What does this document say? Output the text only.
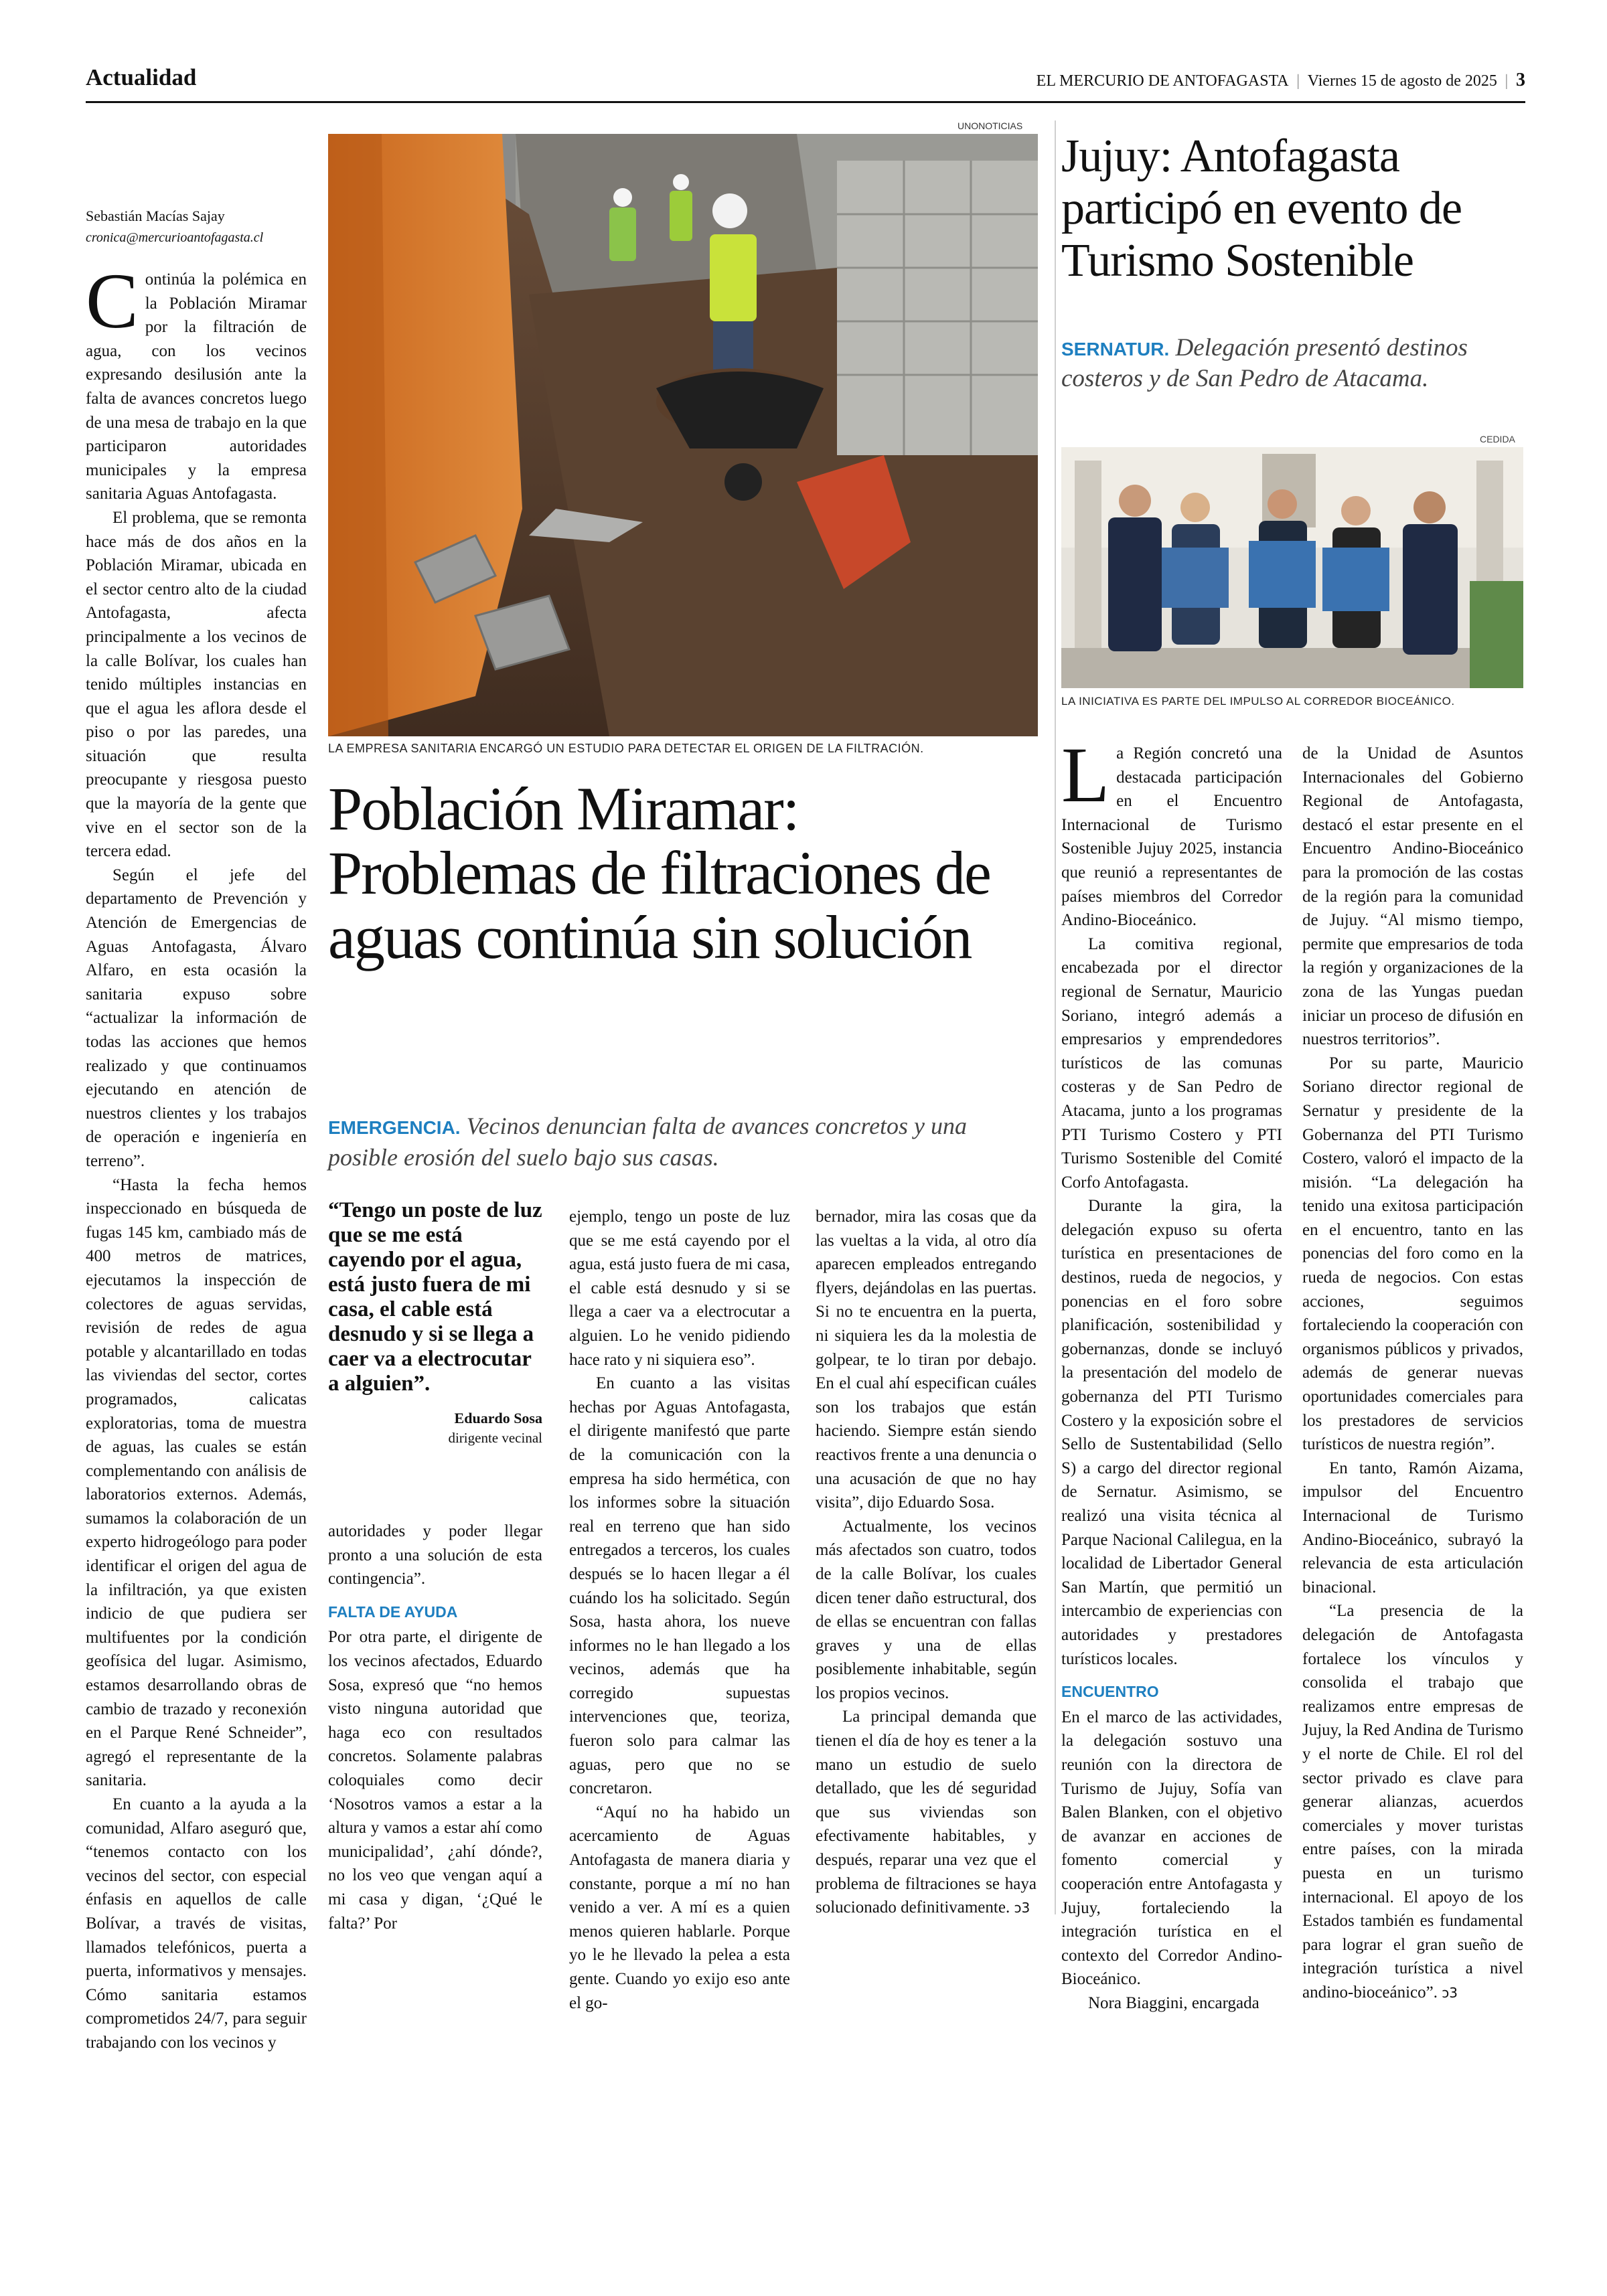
Actualidad	EL MERCURIO DE ANTOFAGASTA | Viernes 15 de agosto de 2025 | 3
Sebastián Macías Sajay
cronica@mercurioantofagasta.cl
UNONOTICIAS
LA EMPRESA SANITARIA ENCARGÓ UN ESTUDIO PARA DETECTAR EL ORIGEN DE LA FILTRACIÓN.
Población Miramar: Problemas de filtraciones de aguas continúa sin solución
EMERGENCIA. Vecinos denuncian falta de avances concretos y una posible erosión del suelo bajo sus casas.

Continúa la polémica en la Población Miramar por la filtración de agua, con los vecinos expresando desilusión ante la falta de avances concretos luego de una mesa de trabajo en la que participaron autoridades municipales y la empresa sanitaria Aguas Antofagasta.

El problema, que se remonta hace más de dos años en la Población Miramar, ubicada en el sector centro alto de la ciudad Antofagasta, afecta principalmente a los vecinos de la calle Bolívar, los cuales han tenido múltiples instancias en que el agua les aflora desde el piso o por las paredes, una situación que resulta preocupante y riesgosa puesto que la mayoría de la gente que vive en el sector son de la tercera edad.

Según el jefe del departamento de Prevención y Atención de Emergencias de Aguas Antofagasta, Álvaro Alfaro, en esta ocasión la sanitaria expuso sobre “actualizar la información de todas las acciones que hemos realizado y que continuamos ejecutando en atención de nuestros clientes y los trabajos de operación e ingeniería en terreno”.

“Hasta la fecha hemos inspeccionado en búsqueda de fugas 145 km, cambiado más de 400 metros de matrices, ejecutamos la inspección de colectores de aguas servidas, revisión de redes de agua potable y alcantarillado en todas las viviendas del sector, cortes programados, calicatas exploratorias, toma de muestra de aguas, las cuales se están complementando con análisis de laboratorios externos. Además, sumamos la colaboración de un experto hidrogeólogo para poder identificar el origen del agua de la infiltración, ya que existen indicio de que pudiera ser multifuentes por la condición geofísica del lugar. Asimismo, estamos desarrollando obras de cambio de trazado y reconexión en el Parque René Schneider”, agregó el representante de la sanitaria.

En cuanto a la ayuda a la comunidad, Alfaro aseguró que, “tenemos contacto con los vecinos del sector, con especial énfasis en aquellos de calle Bolívar, a través de visitas, llamados telefónicos, puerta a puerta, informativos y mensajes. Cómo sanitaria estamos comprometidos 24/7, para seguir trabajando con los vecinos y

“Tengo un poste de luz que se me está cayendo por el agua, está justo fuera de mi casa, el cable está desnudo y si se llega a caer va a electrocutar a alguien”.
Eduardo Sosa
dirigente vecinal

autoridades y poder llegar pronto a una solución de esta contingencia”.

FALTA DE AYUDA

Por otra parte, el dirigente de los vecinos afectados, Eduardo Sosa, expresó que “no hemos visto ninguna autoridad que haga eco con resultados concretos. Solamente palabras coloquiales como decir ‘Nosotros vamos a estar a la altura y vamos a estar ahí como municipalidad’, ¿ahí dónde?, no los veo que vengan aquí a mi casa y digan, ‘¿Qué le falta?’ Por

ejemplo, tengo un poste de luz que se me está cayendo por el agua, está justo fuera de mi casa, el cable está desnudo y si se llega a caer va a electrocutar a alguien. Lo he venido pidiendo hace rato y ni siquiera eso”.

En cuanto a las visitas hechas por Aguas Antofagasta, el dirigente manifestó que parte de la comunicación con la empresa ha sido hermética, con los informes sobre la situación real en terreno que han sido entregados a terceros, los cuales después se lo hacen llegar a él cuándo los ha solicitado. Según Sosa, hasta ahora, los nueve informes no le han llegado a los vecinos, además que ha corregido supuestas intervenciones que, teoriza, fueron solo para calmar las aguas, pero que no se concretaron.

“Aquí no ha habido un acercamiento de Aguas Antofagasta de manera diaria y constante, porque a mí no han venido a ver. A mí es a quien menos quieren hablarle. Porque yo le he llevado la pelea a esta gente. Cuando yo exijo eso ante el go-

bernador, mira las cosas que da las vueltas a la vida, al otro día aparecen empleados entregando flyers, dejándolas en las puertas. Si no te encuentra en la puerta, ni siquiera les da la molestia de golpear, te lo tiran por debajo. En el cual ahí especifican cuáles son los trabajos que están haciendo. Siempre están siendo reactivos frente a una denuncia o una acusación de que no hay visita”, dijo Eduardo Sosa.

Actualmente, los vecinos más afectados son cuatro, todos de la calle Bolívar, los cuales dicen tener daño estructural, dos de ellas se encuentran con fallas graves y una de ellas posiblemente inhabitable, según los propios vecinos.

La principal demanda que tienen el día de hoy es tener a la mano un estudio de suelo detallado, que les dé seguridad que sus viviendas son efectivamente habitables, y después, reparar una vez que el problema de filtraciones se haya solucionado definitivamente. ↄ3

Jujuy: Antofagasta participó en evento de Turismo Sostenible
SERNATUR. Delegación presentó destinos costeros y de San Pedro de Atacama.
CEDIDA
LA INICIATIVA ES PARTE DEL IMPULSO AL CORREDOR BIOCEÁNICO.

La Región concretó una destacada participación en el Encuentro Internacional de Turismo Sostenible Jujuy 2025, instancia que reunió a representantes de países miembros del Corredor Andino-Bioceánico.

La comitiva regional, encabezada por el director regional de Sernatur, Mauricio Soriano, integró además a empresarios y emprendedores turísticos de las comunas costeras y de San Pedro de Atacama, junto a los programas PTI Turismo Costero y PTI Turismo Sostenible del Comité Corfo Antofagasta.

Durante la gira, la delegación expuso su oferta turística en presentaciones de destinos, rueda de negocios, y ponencias en el foro sobre planificación, sostenibilidad y gobernanzas, donde se incluyó la presentación del modelo de gobernanza del PTI Turismo Costero y la exposición sobre el Sello de Sustentabilidad (Sello S) a cargo del director regional de Sernatur. Asimismo, se realizó una visita técnica al Parque Nacional Calilegua, en la localidad de Libertador General San Martín, que permitió un intercambio de experiencias con autoridades y prestadores turísticos locales.

ENCUENTRO

En el marco de las actividades, la delegación sostuvo una reunión con la directora de Turismo de Jujuy, Sofía van Balen Blanken, con el objetivo de avanzar en acciones de fomento comercial y cooperación entre Antofagasta y Jujuy, fortaleciendo la integración turística en el contexto del Corredor Andino-Bioceánico.

Nora Biaggini, encargada

de la Unidad de Asuntos Internacionales del Gobierno Regional de Antofagasta, destacó el estar presente en el Encuentro Andino-Bioceánico para la promoción de las costas de la región para la comunidad de Jujuy. “Al mismo tiempo, permite que empresarios de toda la región y organizaciones de la zona de las Yungas puedan iniciar un proceso de difusión en nuestros territorios”.

Por su parte, Mauricio Soriano director regional de Sernatur y presidente de la Gobernanza del PTI Turismo Costero, valoró el impacto de la misión. “La delegación ha tenido una exitosa participación en el encuentro, tanto en las ponencias del foro como en la rueda de negocios. Con estas acciones, seguimos fortaleciendo la cooperación con organismos públicos y privados, además de generar nuevas oportunidades comerciales para los prestadores de servicios turísticos de nuestra región”.

En tanto, Ramón Aizama, impulsor del Encuentro Internacional de Turismo Andino-Bioceánico, subrayó la relevancia de esta articulación binacional.

“La presencia de la delegación de Antofagasta fortalece los vínculos y consolida el trabajo que realizamos entre empresas de Jujuy, la Red Andina de Turismo y el norte de Chile. El rol del sector privado es clave para generar alianzas, acuerdos comerciales y mover turistas entre países, con la mirada puesta en un turismo internacional. El apoyo de los Estados también es fundamental para lograr el gran sueño de integración turística a nivel andino-bioceánico”. ↄ3
